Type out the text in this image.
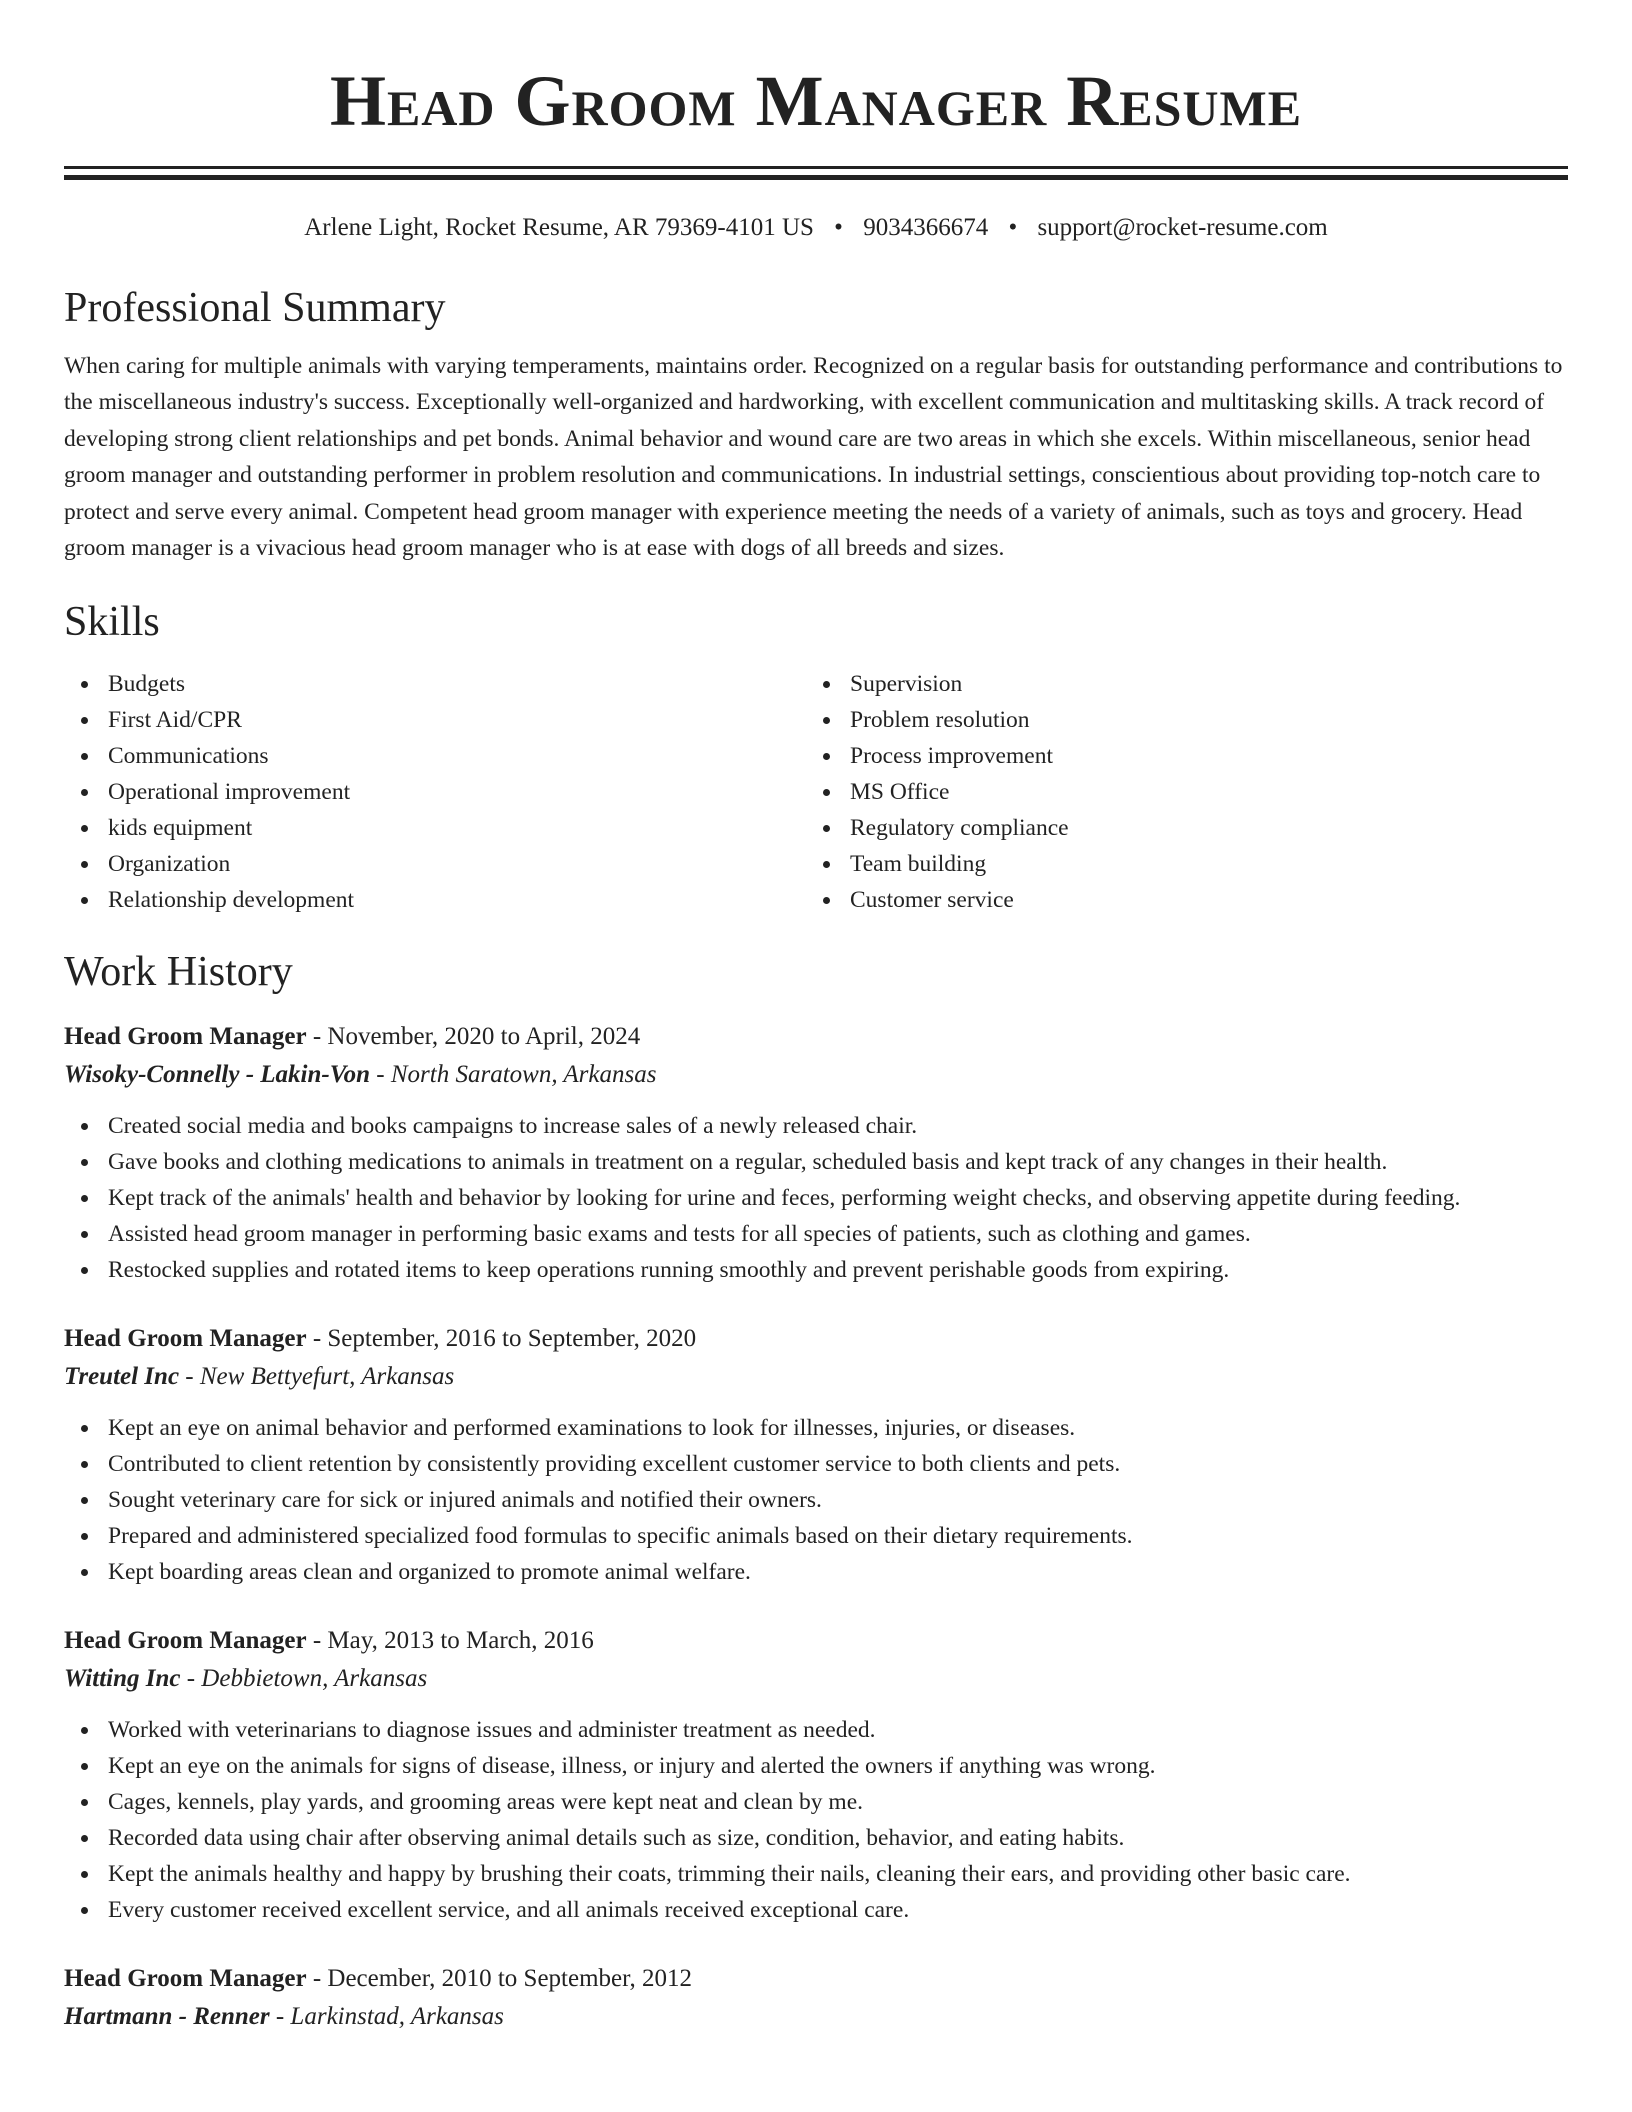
Head Groom Manager Resume
Arlene Light, Rocket Resume, AR 79369-4101 US • 9034366674 • support@rocket-resume.com
Professional Summary

When caring for multiple animals with varying temperaments, maintains order. Recognized on a regular basis for outstanding performance and contributions to the miscellaneous industry's success. Exceptionally well-organized and hardworking, with excellent communication and multitasking skills. A track record of developing strong client relationships and pet bonds. Animal behavior and wound care are two areas in which she excels. Within miscellaneous, senior head groom manager and outstanding performer in problem resolution and communications. In industrial settings, conscientious about providing top-notch care to protect and serve every animal. Competent head groom manager with experience meeting the needs of a variety of animals, such as toys and grocery. Head groom manager is a vivacious head groom manager who is at ease with dogs of all breeds and sizes.

Skills
Budgets
First Aid/CPR
Communications
Operational improvement
kids equipment
Organization
Relationship development
Supervision
Problem resolution
Process improvement
MS Office
Regulatory compliance
Team building
Customer service
Work History
Head Groom Manager - November, 2020 to April, 2024
Wisoky-Connelly - Lakin-Von - North Saratown, Arkansas
Created social media and books campaigns to increase sales of a newly released chair.
Gave books and clothing medications to animals in treatment on a regular, scheduled basis and kept track of any changes in their health.
Kept track of the animals' health and behavior by looking for urine and feces, performing weight checks, and observing appetite during feeding.
Assisted head groom manager in performing basic exams and tests for all species of patients, such as clothing and games.
Restocked supplies and rotated items to keep operations running smoothly and prevent perishable goods from expiring.
Head Groom Manager - September, 2016 to September, 2020
Treutel Inc - New Bettyefurt, Arkansas
Kept an eye on animal behavior and performed examinations to look for illnesses, injuries, or diseases.
Contributed to client retention by consistently providing excellent customer service to both clients and pets.
Sought veterinary care for sick or injured animals and notified their owners.
Prepared and administered specialized food formulas to specific animals based on their dietary requirements.
Kept boarding areas clean and organized to promote animal welfare.
Head Groom Manager - May, 2013 to March, 2016
Witting Inc - Debbietown, Arkansas
Worked with veterinarians to diagnose issues and administer treatment as needed.
Kept an eye on the animals for signs of disease, illness, or injury and alerted the owners if anything was wrong.
Cages, kennels, play yards, and grooming areas were kept neat and clean by me.
Recorded data using chair after observing animal details such as size, condition, behavior, and eating habits.
Kept the animals healthy and happy by brushing their coats, trimming their nails, cleaning their ears, and providing other basic care.
Every customer received excellent service, and all animals received exceptional care.
Head Groom Manager - December, 2010 to September, 2012
Hartmann - Renner - Larkinstad, Arkansas
